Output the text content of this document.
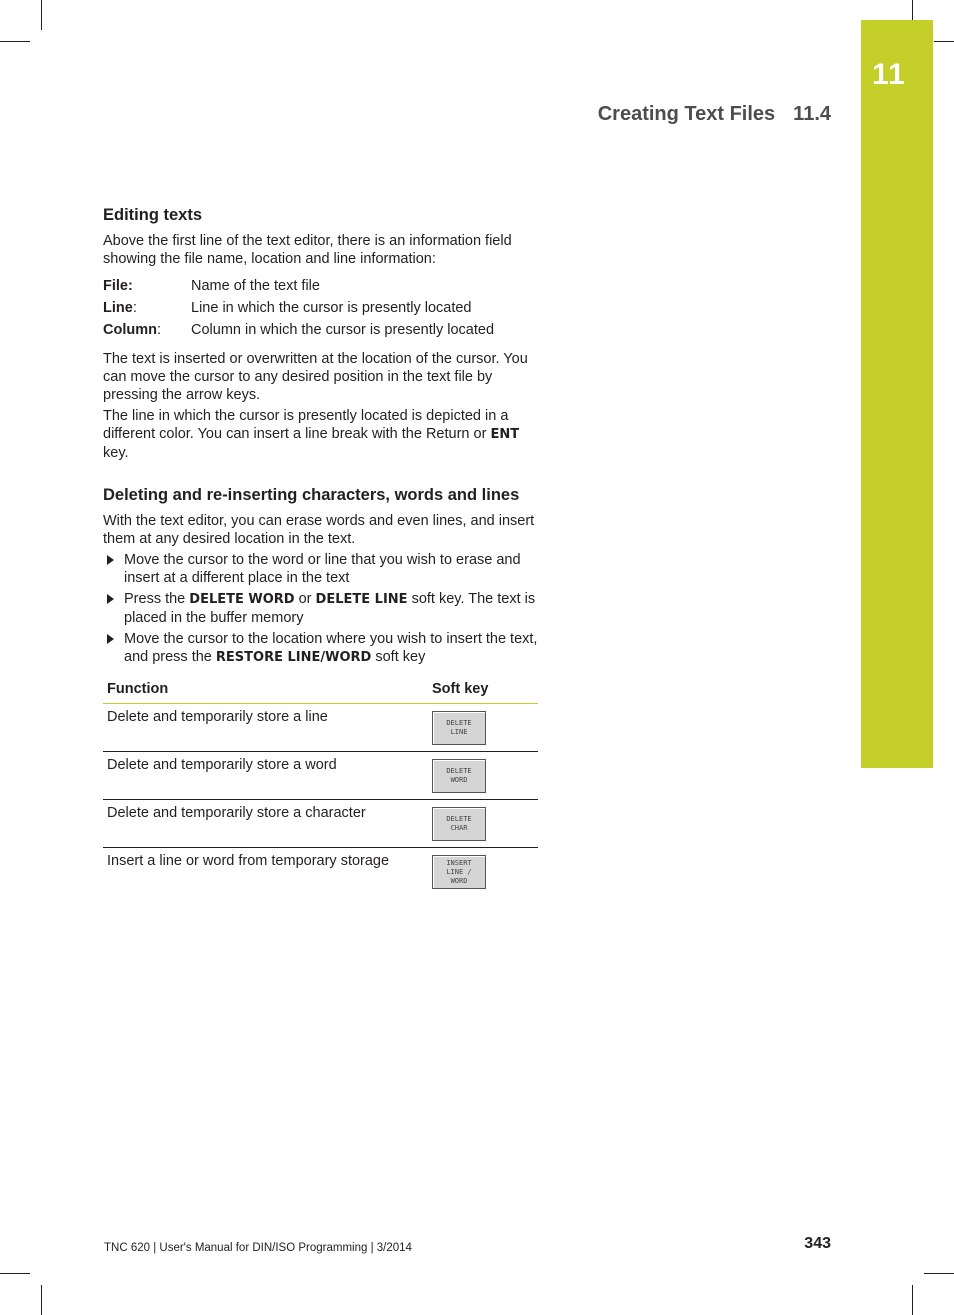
11
Creating Text Files 11.4
Editing texts

Above the first line of the text editor, there is an information field showing the file name, location and line information:

File:	Name of the text file
Line:	Line in which the cursor is presently located
Column:	Column in which the cursor is presently located

The text is inserted or overwritten at the location of the cursor. You can move the cursor to any desired position in the text file by pressing the arrow keys.

The line in which the cursor is presently located is depicted in a different color. You can insert a line break with the Return or ENT key.

Deleting and re-inserting characters, words and lines

With the text editor, you can erase words and even lines, and insert them at any desired location in the text.

Move the cursor to the word or line that you wish to erase and insert at a different place in the text
Press the DELETE WORD or DELETE LINE soft key. The text is placed in the buffer memory
Move the cursor to the location where you wish to insert the text, and press the RESTORE LINE/WORD soft key
Function	Soft key
Delete and temporarily store a line	DELETE
LINE

Delete and temporarily store a word	DELETE
WORD

Delete and temporarily store a character	DELETE
CHAR

Insert a line or word from temporary storage	INSERT
LINE /
WORD
TNC 620 | User's Manual for DIN/ISO Programming | 3/2014	343
